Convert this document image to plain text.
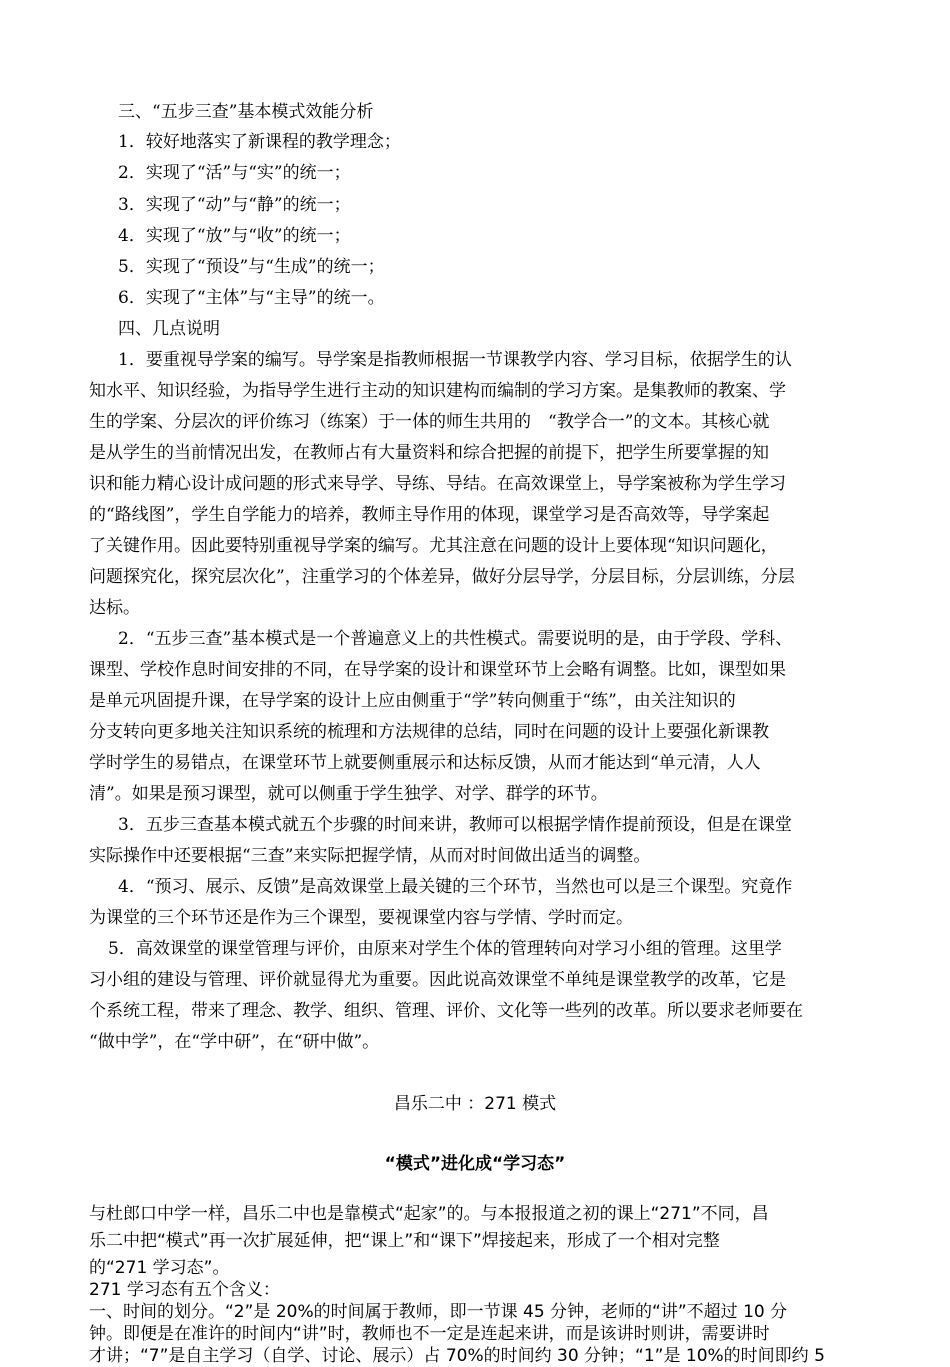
三、“五步三查”基本模式效能分析
1．较好地落实了新课程的教学理念；
2．实现了“活”与“实”的统一；
3．实现了“动”与“静”的统一；
4．实现了“放”与“收”的统一；
5．实现了“预设”与“生成”的统一；
6．实现了“主体”与“主导”的统一。
四、几点说明
1．要重视导学案的编写。导学案是指教师根据一节课教学内容、学习目标，依据学生的认
知水平、知识经验，为指导学生进行主动的知识建构而编制的学习方案。是集教师的教案、学
生的学案、分层次的评价练习（练案）于一体的师生共用的　“教学合一”的文本。其核心就
是从学生的当前情况出发，在教师占有大量资料和综合把握的前提下，把学生所要掌握的知
识和能力精心设计成问题的形式来导学、导练、导结。在高效课堂上，导学案被称为学生学习
的“路线图”，学生自学能力的培养，教师主导作用的体现，课堂学习是否高效等，导学案起
了关键作用。因此要特别重视导学案的编写。尤其注意在问题的设计上要体现“知识问题化，
问题探究化，探究层次化”，注重学习的个体差异，做好分层导学，分层目标，分层训练，分层
达标。
2．“五步三查”基本模式是一个普遍意义上的共性模式。需要说明的是，由于学段、学科、
课型、学校作息时间安排的不同，在导学案的设计和课堂环节上会略有调整。比如，课型如果
是单元巩固提升课，在导学案的设计上应由侧重于“学”转向侧重于“练”，由关注知识的
分支转向更多地关注知识系统的梳理和方法规律的总结，同时在问题的设计上要强化新课教
学时学生的易错点，在课堂环节上就要侧重展示和达标反馈，从而才能达到“单元清，人人
清”。如果是预习课型，就可以侧重于学生独学、对学、群学的环节。
3．五步三查基本模式就五个步骤的时间来讲，教师可以根据学情作提前预设，但是在课堂
实际操作中还要根据“三查”来实际把握学情，从而对时间做出适当的调整。
4．“预习、展示、反馈”是高效课堂上最关键的三个环节，当然也可以是三个课型。究竟作
为课堂的三个环节还是作为三个课型，要视课堂内容与学情、学时而定。
5．高效课堂的课堂管理与评价，由原来对学生个体的管理转向对学习小组的管理。这里学
习小组的建设与管理、评价就显得尤为重要。因此说高效课堂不单纯是课堂教学的改革，它是
个系统工程，带来了理念、教学、组织、管理、评价、文化等一些列的改革。所以要求老师要在
“做中学”，在“学中研”，在“研中做”。
昌乐二中 ：271 模式
“模式”进化成“学习态”
与杜郎口中学一样，昌乐二中也是靠模式“起家”的。与本报报道之初的课上“271”不同，昌
乐二中把“模式”再一次扩展延伸，把“课上”和“课下”焊接起来，形成了一个相对完整
的“271 学习态”。
271 学习态有五个含义：
一、时间的划分。“2”是 20%的时间属于教师，即一节课 45 分钟，老师的“讲”不超过 10 分
钟。即便是在准许的时间内“讲”时，教师也不一定是连起来讲，而是该讲时则讲，需要讲时
才讲；“7”是自主学习（自学、讨论、展示）占 70%的时间约 30 分钟；“1”是 10%的时间即约 5
